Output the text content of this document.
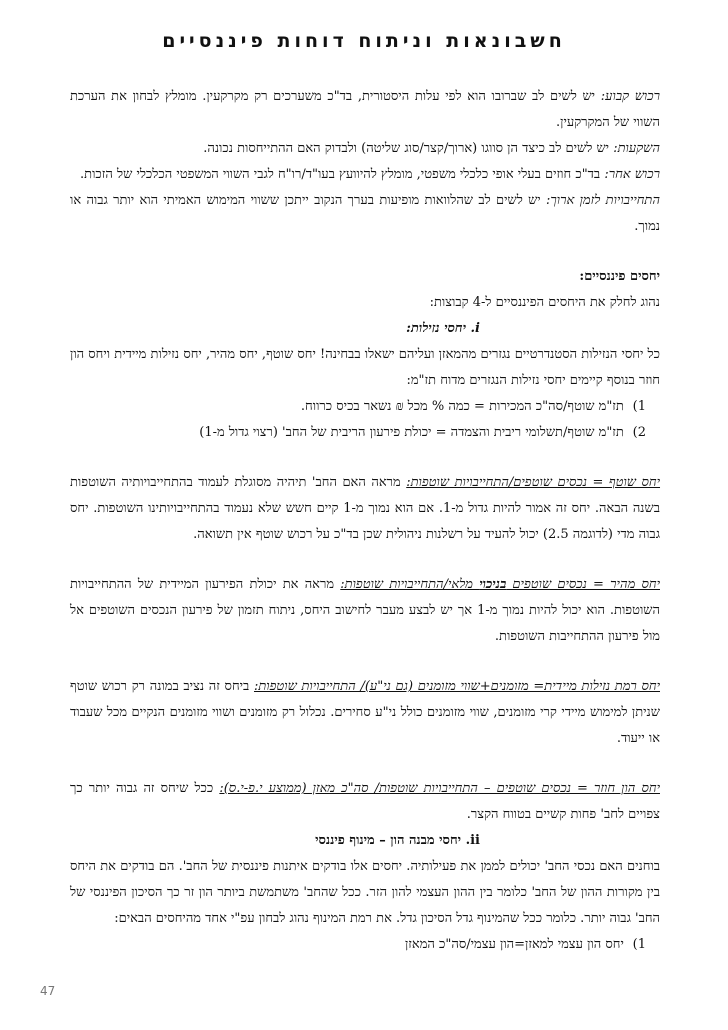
חשבונאות וניתוח דוחות פיננסיים

רכוש קבוע: יש לשים לב שברובו הוא לפי עלות היסטורית, בד"כ משערכים רק מקרקעין. מומלץ לבחון את הערכת השווי של המקרקעין.

השקעות: יש לשים לב כיצד הן סווגו (ארוך/קצר/סוג שליטה) ולבדוק האם ההתייחסות נכונה.

רכוש אחר: בד"כ חוזים בעלי אופי כלכלי משפטי, מומלץ להיוועץ בעו"ד/רו"ח לגבי השווי המשפטי הכלכלי של הזכות.

התחייבויות לזמן ארוך: יש לשים לב שהלוואות מופיעות בערך הנקוב ייתכן ששווי המימוש האמיתי הוא יותר גבוה או נמוך.

יחסים פיננסיים:

נהוג לחלק את היחסים הפיננסיים ל-4 קבוצות:

i. יחסי נזילות:

כל יחסי הנזילות הסטנדרטיים נגזרים מהמאזן ועליהם ישאלו בבחינה! יחס שוטף, יחס מהיר, יחס נזילות מיידית ויחס הון חוזר בנוסף קיימים יחסי נזילות הנגזרים מדוח תז"מ:

1) תז"מ שוטף/סה"כ המכירות = כמה % מכל ₪ נשאר בכיס כרווח.

2) תז"מ שוטף/תשלומי ריבית והצמדה = יכולת פירעון הריבית של החב' (רצוי גדול מ-1)

יחס שוטף = נכסים שוטפים/התחייבויות שוטפות: מראה האם החב' תיהיה מסוגלת לעמוד בהתחייבויותיה השוטפות בשנה הבאה. יחס זה אמור להיות גדול מ-1. אם הוא נמוך מ-1 קיים חשש שלא נעמוד בהתחייבויותינו השוטפות. יחס גבוה מדי (לדוגמה 2.5) יכול להעיד על רשלנות ניהולית שכן בד"כ על רכוש שוטף אין תשואה.

יחס מהיר = נכסים שוטפים בניכוי מלאי/התחייבויות שוטפות: מראה את יכולת הפירעון המיידית של ההתחייבויות השוטפות. הוא יכול להיות נמוך מ-1 אך יש לבצע מעבר לחישוב היחס, ניתוח תזמון של פירעון הנכסים השוטפים אל מול פירעון ההתחייבות השוטפות.

יחס רמת נזילות מיידית= מזומנים+שווי מזומנים (גם ני"ע)/ התחייבויות שוטפות: ביחס זה נציב במונה רק רכוש שוטף שניתן למימוש מיידי קרי מזומנים, שווי מזומנים כולל ני"ע סחירים. נכלול רק מזומנים ושווי מזומנים הנקיים מכל שעבוד או ייעוד.

יחס הון חוזר = נכסים שוטפים – התחייבויות שוטפות/ סה"כ מאזן (ממוצע י.פ-י.ס): ככל שיחס זה גבוה יותר כך צפויים לחב' פחות קשיים בטווח הקצר.

ii. יחסי מבנה הון – מינוף פיננסי

בוחנים האם נכסי החב' יכולים לממן את פעילותיה. יחסים אלו בודקים איתנות פיננסית של החב'. הם בודקים את היחס בין מקורות ההון של החב' כלומר בין ההון העצמי להון הזר. ככל שהחב' משתמשת ביותר הון זר כך הסיכון הפיננסי של החב' גבוה יותר. כלומר ככל שהמינוף גדל הסיכון גדל. את רמת המינוף נהוג לבחון עפ"י אחד מהיחסים הבאים:

1) יחס הון עצמי למאזן=הון עצמי/סה"כ המאזן

47
